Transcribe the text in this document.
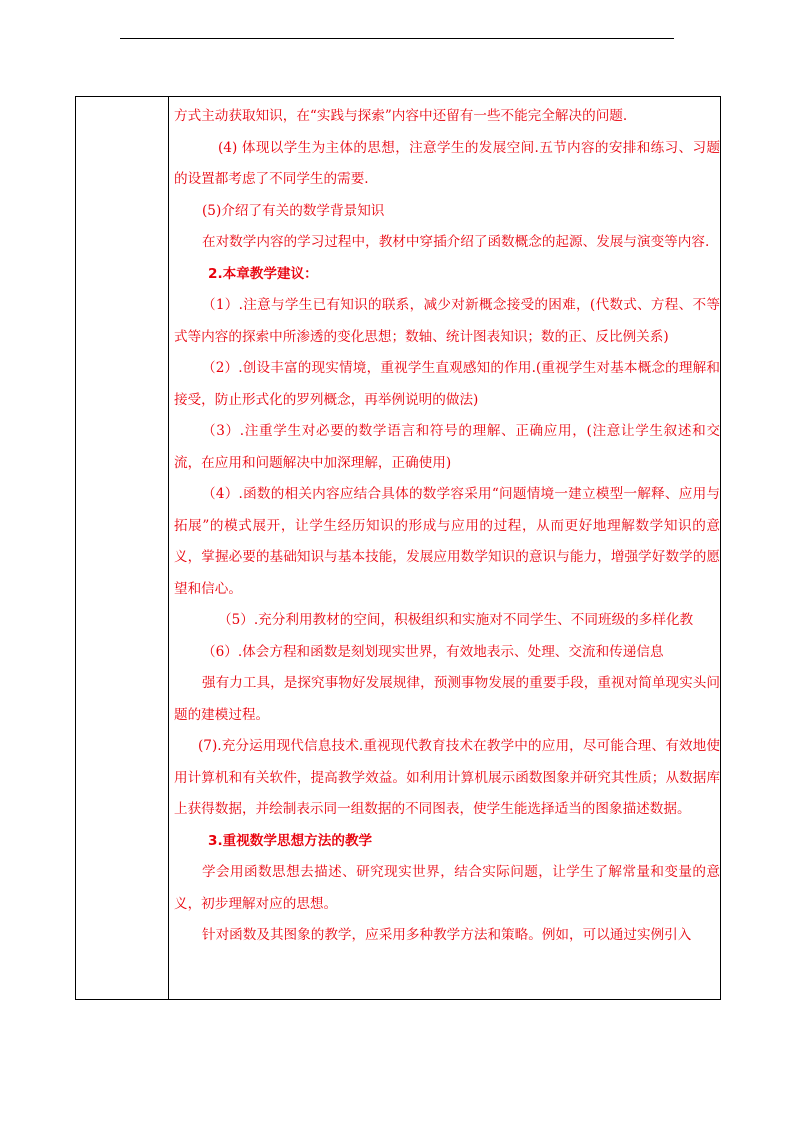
方式主动获取知识，在“实践与探索”内容中还留有一些不能完全解决的问题.

(4) 体现以学生为主体的思想，注意学生的发展空间.五节内容的安排和练习、习题的设置都考虑了不同学生的需要.

(5)介绍了有关的数学背景知识

在对数学内容的学习过程中，教材中穿插介绍了函数概念的起源、发展与演变等内容.

2.本章教学建议：

（1）.注意与学生已有知识的联系，减少对新概念接受的困难，(代数式、方程、不等式等内容的探索中所渗透的变化思想；数轴、统计图表知识；数的正、反比例关系)

（2）.创设丰富的现实情境，重视学生直观感知的作用.(重视学生对基本概念的理解和接受，防止形式化的罗列概念，再举例说明的做法)

（3）.注重学生对必要的数学语言和符号的理解、正确应用，(注意让学生叙述和交流，在应用和问题解决中加深理解，正确使用)

（4）.函数的相关内容应结合具体的数学容采用“问题情境一建立模型一解释、应用与拓展”的模式展开，让学生经历知识的形成与应用的过程，从而更好地理解数学知识的意义，掌握必要的基础知识与基本技能，发展应用数学知识的意识与能力，增强学好数学的愿望和信心。

（5）.充分利用教材的空间，积极组织和实施对不同学生、不同班级的多样化教

（6）.体会方程和函数是刻划现实世界，有效地表示、处理、交流和传递信息

强有力工具，是探究事物好发展规律，预测事物发展的重要手段，重视对简单现实头问题的建模过程。

(7).充分运用现代信息技术.重视现代教育技术在教学中的应用，尽可能合理、有效地使用计算机和有关软件，提高教学效益。如利用计算机展示函数图象并研究其性质；从数据库上获得数据，并绘制表示同一组数据的不同图表，使学生能选择适当的图象描述数据。

3.重视数学思想方法的教学

学会用函数思想去描述、研究现实世界，结合实际问题，让学生了解常量和变量的意义，初步理解对应的思想。

针对函数及其图象的教学，应采用多种教学方法和策略。例如，可以通过实例引入
